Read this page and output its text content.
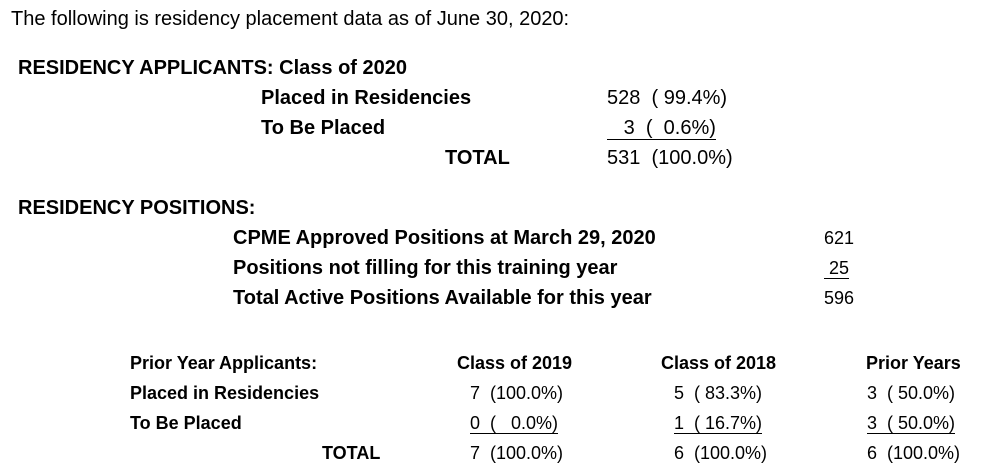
The following is residency placement data as of June 30, 2020:
RESIDENCY APPLICANTS: Class of 2020
Placed in Residencies	528  ( 99.4%)
To Be Placed	3  (  0.6%)
TOTAL	531  (100.0%)
RESIDENCY POSITIONS:
CPME Approved Positions at March 29, 2020	621
Positions not filling for this training year	25
Total Active Positions Available for this year	596
Prior Year Applicants:	Class of 2019	Class of 2018	Prior Years
Placed in Residencies	7  (100.0%)	5  ( 83.3%)	3  ( 50.0%)
To Be Placed	0  (   0.0%)	1  ( 16.7%)	3  ( 50.0%)
TOTAL	7  (100.0%)	6  (100.0%)	6  (100.0%)
